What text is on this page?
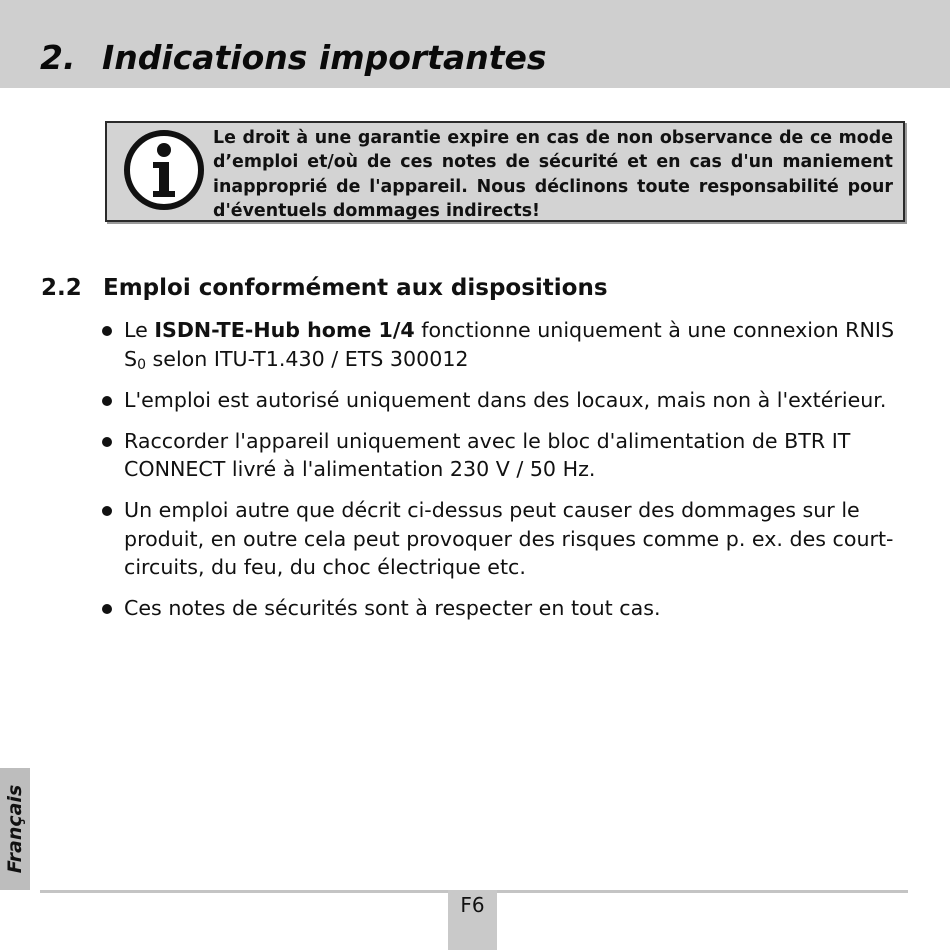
2. Indications importantes

Le droit à une garantie expire en cas de non observance de ce mode d’emploi et/où de ces notes de sécurité et en cas d'un maniement inapproprié de l'appareil. Nous déclinons toute responsabilité pour d'éventuels dommages indirects!

2.2 Emploi conformément aux dispositions
Le ISDN-TE-Hub home 1/4 fonctionne uniquement à une connexion RNIS $S_0$ selon ITU-T1.430 / ETS 300012
L'emploi est autorisé uniquement dans des locaux, mais non à l'extérieur.
Raccorder l'appareil uniquement avec le bloc d'alimentation de BTR IT CONNECT livré à l'alimentation 230 V / 50 Hz.
Un emploi autre que décrit ci-dessus peut causer des dommages sur le produit, en outre cela peut provoquer des risques comme p. ex. des court-circuits, du feu, du choc électrique etc.
Ces notes de sécurités sont à respecter en tout cas.
Français
F6
